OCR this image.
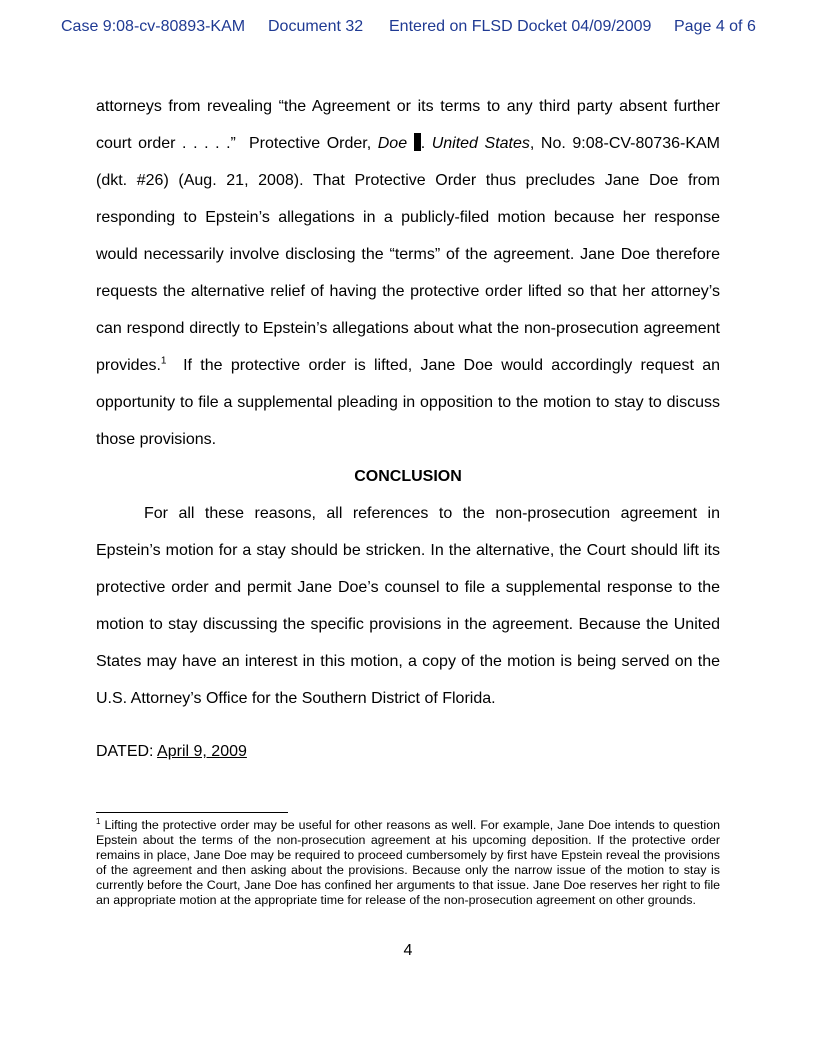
Case 9:08-cv-80893-KAM Document 32 Entered on FLSD Docket 04/09/2009 Page 4 of 6

attorneys from revealing “the Agreement or its terms to any third party absent further court order . . . . .”  Protective Order, Doe . United States, No. 9:08-CV-80736-KAM (dkt. #26) (Aug. 21, 2008). That Protective Order thus precludes Jane Doe from responding to Epstein’s allegations in a publicly-filed motion because her response would necessarily involve disclosing the “terms” of the agreement. Jane Doe therefore requests the alternative relief of having the protective order lifted so that her attorney’s can respond directly to Epstein’s allegations about what the non-prosecution agreement provides.$^1$  If the protective order is lifted, Jane Doe would accordingly request an opportunity to file a supplemental pleading in opposition to the motion to stay to discuss those provisions.

CONCLUSION

For all these reasons, all references to the non-prosecution agreement in Epstein’s motion for a stay should be stricken. In the alternative, the Court should lift its protective order and permit Jane Doe’s counsel to file a supplemental response to the motion to stay discussing the specific provisions in the agreement. Because the United States may have an interest in this motion, a copy of the motion is being served on the U.S. Attorney’s Office for the Southern District of Florida.

DATED: April 9, 2009

$^1$ Lifting the protective order may be useful for other reasons as well. For example, Jane Doe intends to question Epstein about the terms of the non-prosecution agreement at his upcoming deposition. If the protective order remains in place, Jane Doe may be required to proceed cumbersomely by first have Epstein reveal the provisions of the agreement and then asking about the provisions. Because only the narrow issue of the motion to stay is currently before the Court, Jane Doe has confined her arguments to that issue. Jane Doe reserves her right to file an appropriate motion at the appropriate time for release of the non-prosecution agreement on other grounds.

4
